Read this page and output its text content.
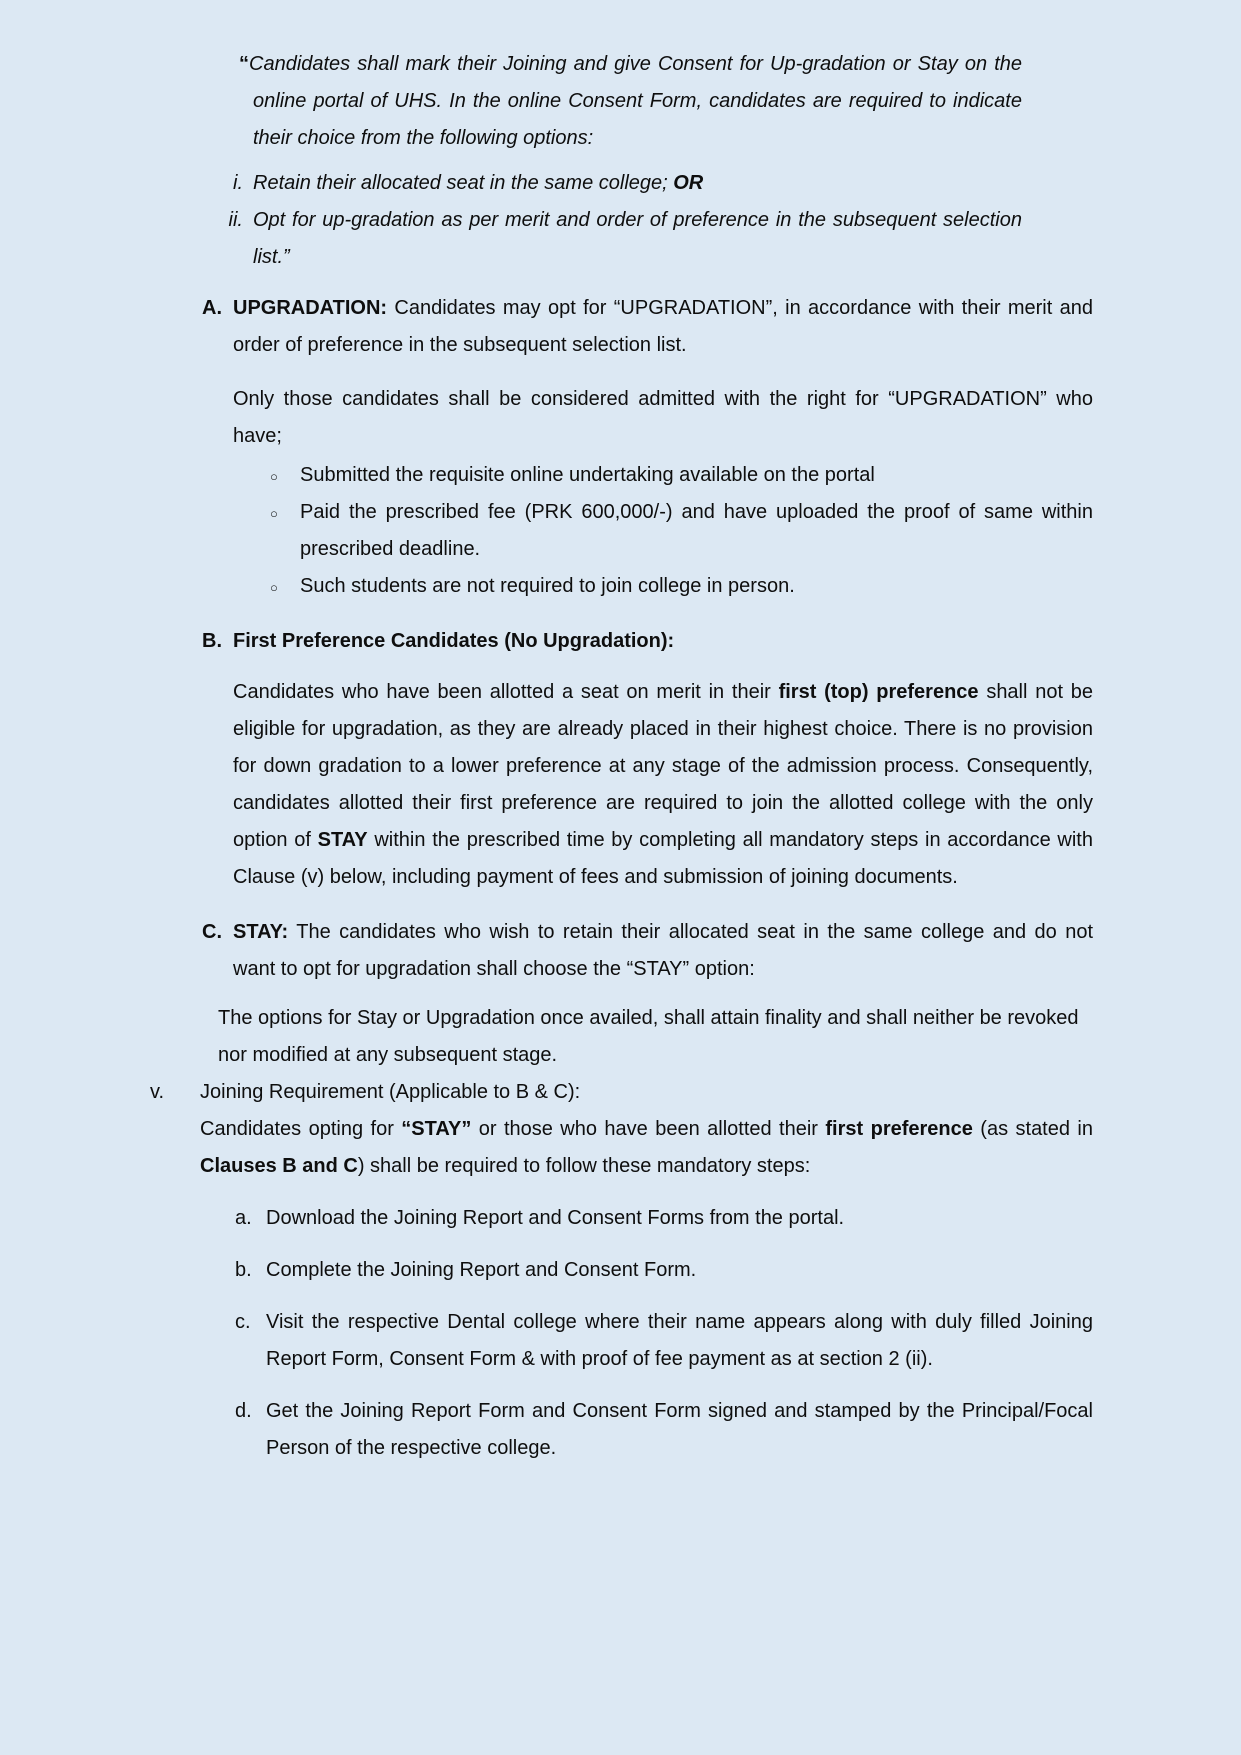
“Candidates shall mark their Joining and give Consent for Up-gradation or Stay on the online portal of UHS. In the online Consent Form, candidates are required to indicate their choice from the following options:
i. Retain their allocated seat in the same college; OR
ii. Opt for up-gradation as per merit and order of preference in the subsequent selection list.”
A. UPGRADATION: Candidates may opt for “UPGRADATION”, in accordance with their merit and order of preference in the subsequent selection list.
Only those candidates shall be considered admitted with the right for “UPGRADATION” who have;
○ Submitted the requisite online undertaking available on the portal
○ Paid the prescribed fee (PRK 600,000/-) and have uploaded the proof of same within prescribed deadline.
○ Such students are not required to join college in person.
B. First Preference Candidates (No Upgradation):
Candidates who have been allotted a seat on merit in their first (top) preference shall not be eligible for upgradation, as they are already placed in their highest choice. There is no provision for down gradation to a lower preference at any stage of the admission process. Consequently, candidates allotted their first preference are required to join the allotted college with the only option of STAY within the prescribed time by completing all mandatory steps in accordance with Clause (v) below, including payment of fees and submission of joining documents.
C. STAY: The candidates who wish to retain their allocated seat in the same college and do not want to opt for upgradation shall choose the “STAY” option:
The options for Stay or Upgradation once availed, shall attain finality and shall neither be revoked nor modified at any subsequent stage.
v. Joining Requirement (Applicable to B & C):
Candidates opting for “STAY” or those who have been allotted their first preference (as stated in Clauses B and C) shall be required to follow these mandatory steps:
a. Download the Joining Report and Consent Forms from the portal.
b. Complete the Joining Report and Consent Form.
c. Visit the respective Dental college where their name appears along with duly filled Joining Report Form, Consent Form & with proof of fee payment as at section 2 (ii).
d. Get the Joining Report Form and Consent Form signed and stamped by the Principal/Focal Person of the respective college.
